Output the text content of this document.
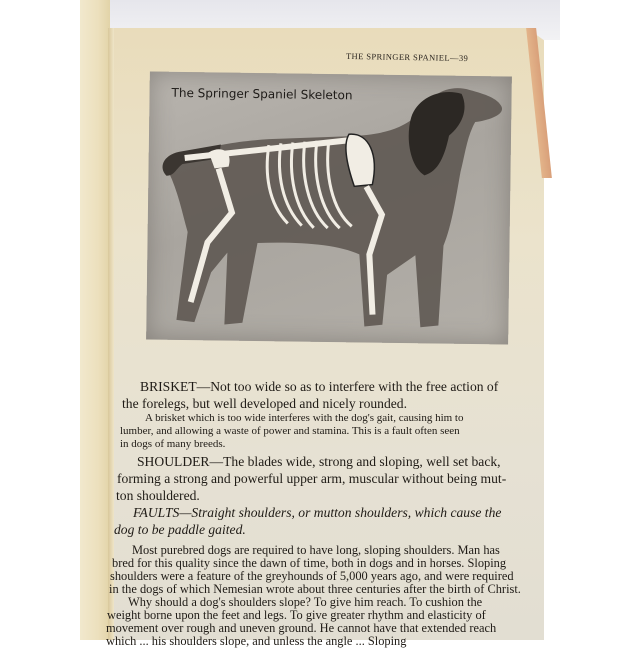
THE SPRINGER SPANIEL—39
The Springer Spaniel Skeleton
BRISKET—Not too wide so as to interfere with the free action of
the forelegs, but well developed and nicely rounded.
A brisket which is too wide interferes with the dog's gait, causing him to
lumber, and allowing a waste of power and stamina. This is a fault often seen
in dogs of many breeds.
SHOULDER—The blades wide, strong and sloping, well set back,
forming a strong and powerful upper arm, muscular without being mut-
ton shouldered.
FAULTS—Straight shoulders, or mutton shoulders, which cause the
dog to be paddle gaited.
Most purebred dogs are required to have long, sloping shoulders. Man has
bred for this quality since the dawn of time, both in dogs and in horses. Sloping
shoulders were a feature of the greyhounds of 5,000 years ago, and were required
in the dogs of which Nemesian wrote about three centuries after the birth of Christ.
Why should a dog's shoulders slope? To give him reach. To cushion the
weight borne upon the feet and legs. To give greater rhythm and elasticity of
movement over rough and uneven ground. He cannot have that extended reach
which ... his shoulders slope, and unless the angle ... Sloping
